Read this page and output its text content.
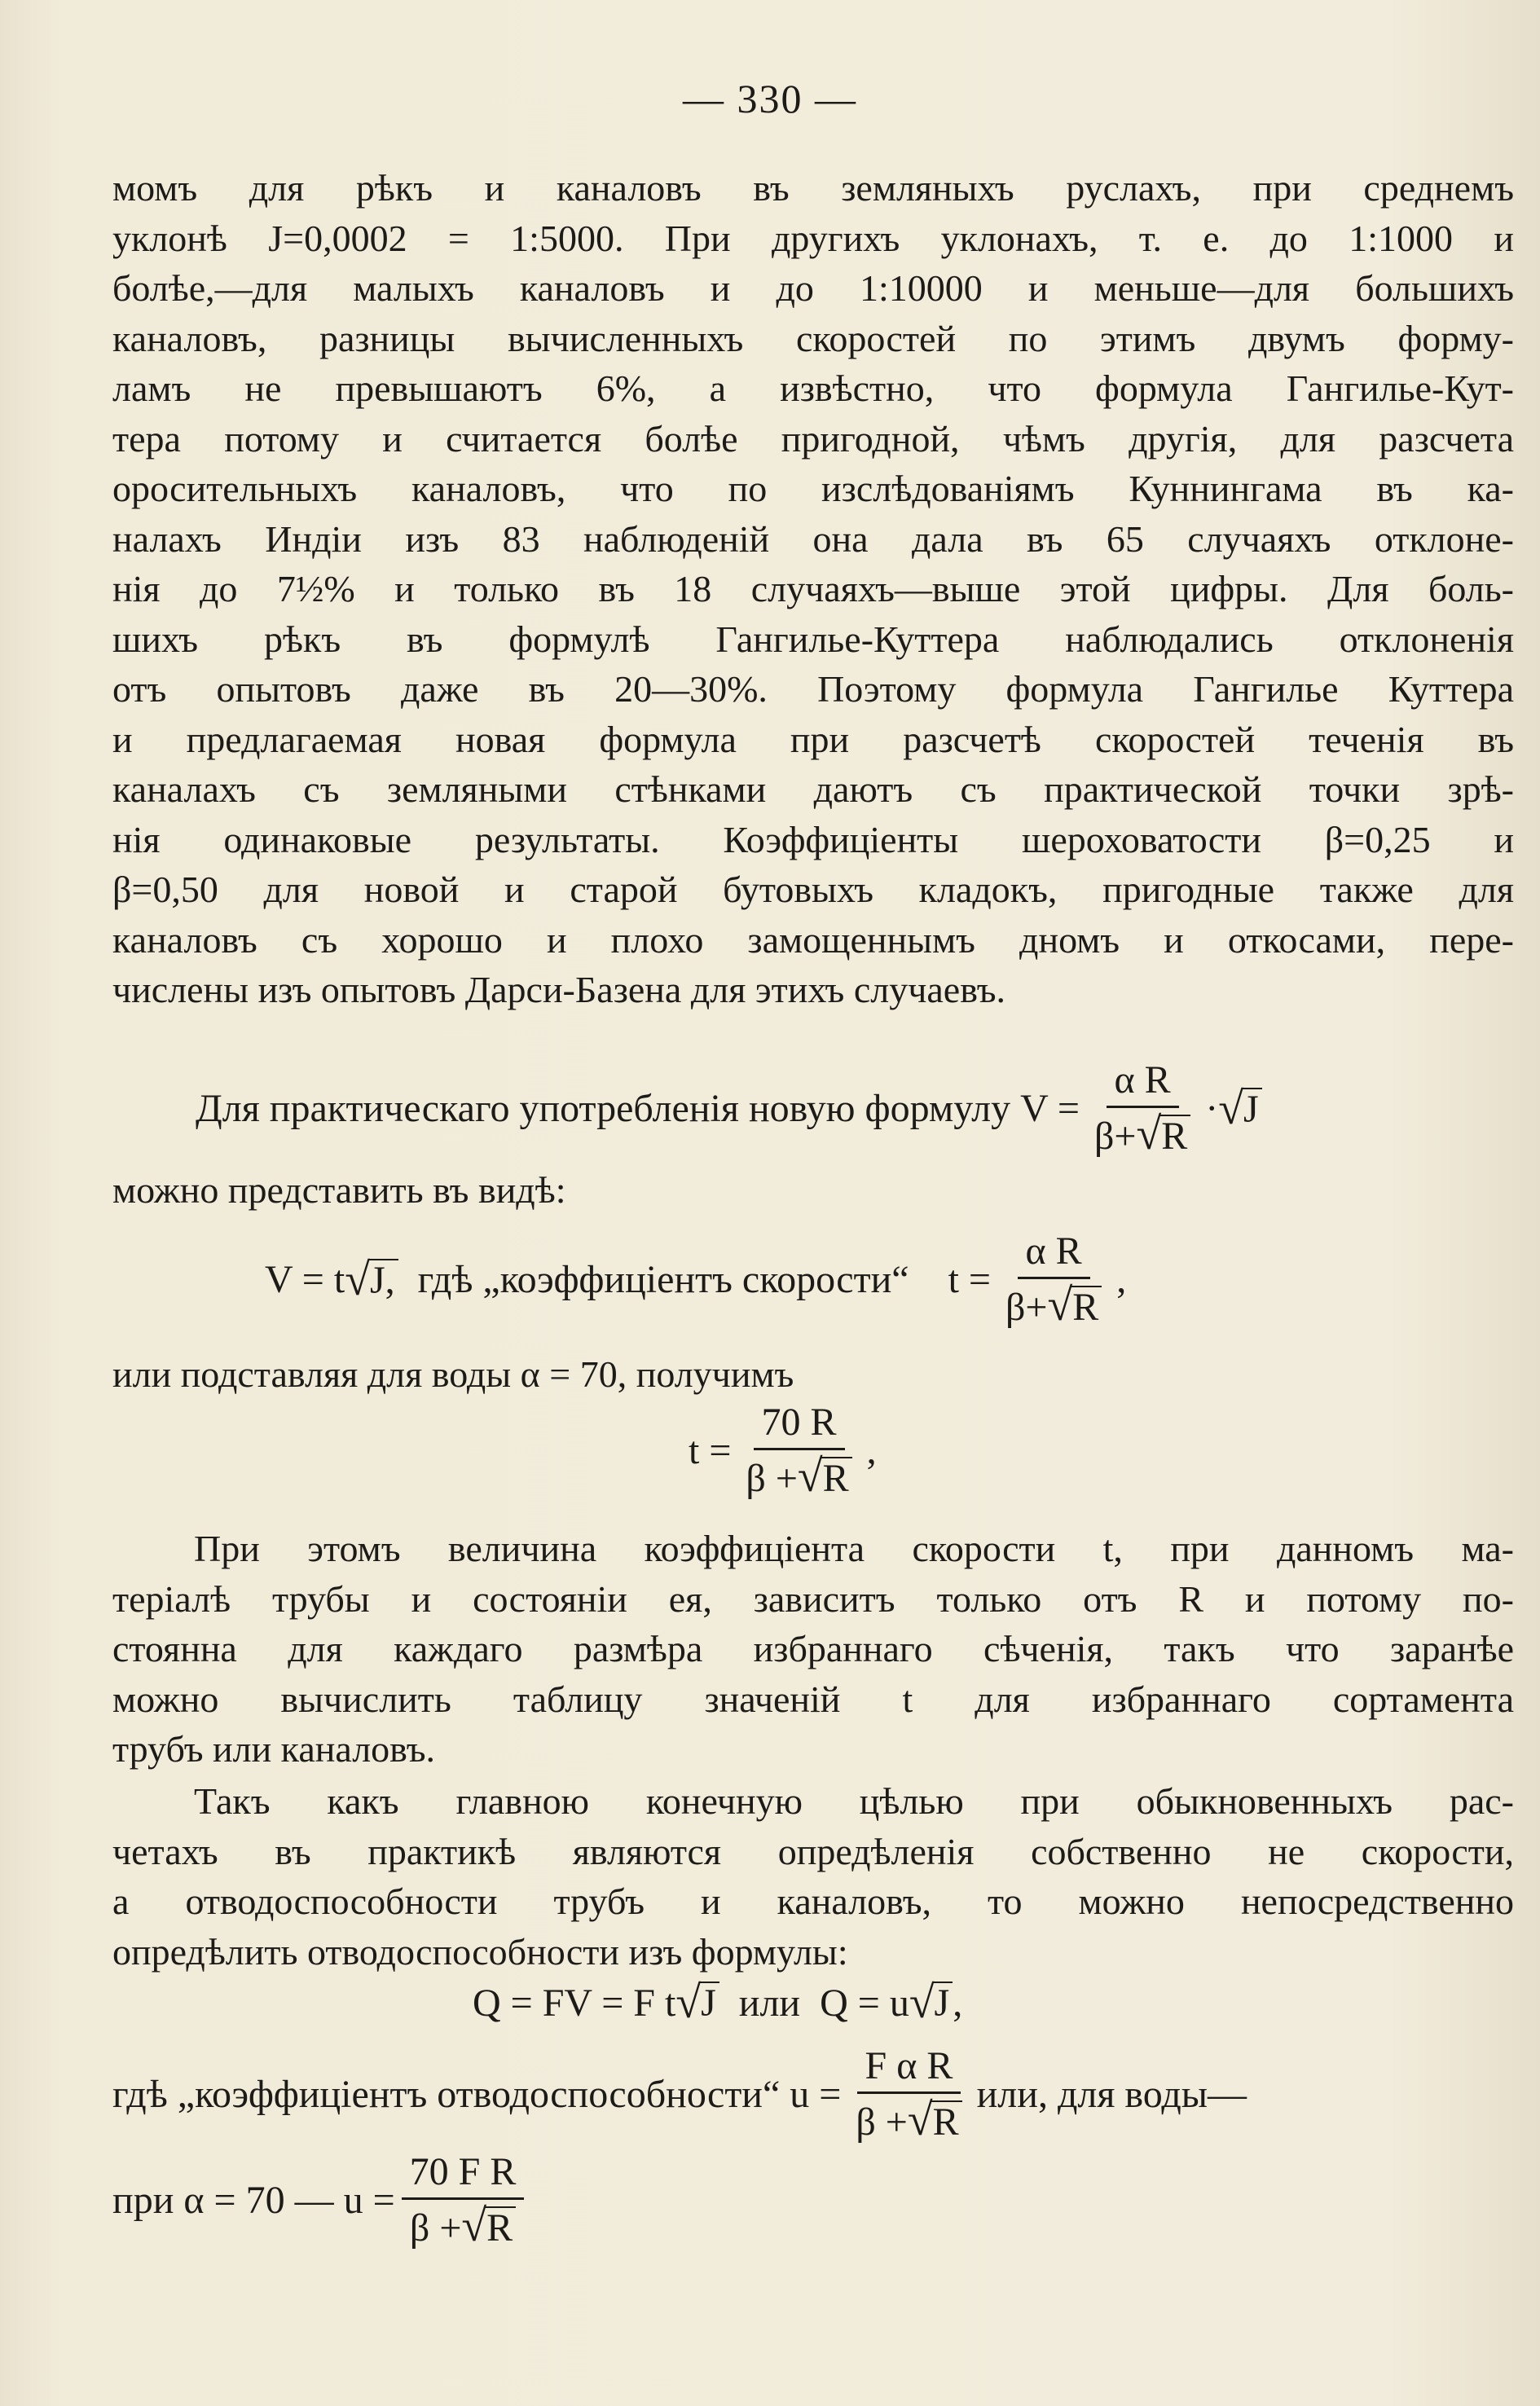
— 330 —
момъ для рѣкъ и каналовъ въ земляныхъ руслахъ, при среднемъ
уклонѣ J=0,0002 = 1:5000. При другихъ уклонахъ, т. е. до 1:1000 и
болѣе,—для малыхъ каналовъ и до 1:10000 и меньше—для большихъ
каналовъ, разницы вычисленныхъ скоростей по этимъ двумъ форму-
ламъ не превышаютъ 6%, а извѣстно, что формула Гангилье-Кут-
тера потому и считается болѣе пригодной, чѣмъ другія, для разсчета
оросительныхъ каналовъ, что по изслѣдованіямъ Куннингама въ ка-
налахъ Индіи изъ 83 наблюденій она дала въ 65 случаяхъ отклоне-
нія до 7½% и только въ 18 случаяхъ—выше этой цифры. Для боль-
шихъ рѣкъ въ формулѣ Гангилье-Куттера наблюдались отклоненія
отъ опытовъ даже въ 20—30%. Поэтому формула Гангилье Куттера
и предлагаемая новая формула при разсчетѣ скоростей теченія въ
каналахъ съ земляными стѣнками даютъ съ практической точки зрѣ-
нія одинаковые результаты. Коэффиціенты шероховатости β=0,25 и
β=0,50 для новой и старой бутовыхъ кладокъ, пригодные также для
каналовъ съ хорошо и плохо замощеннымъ дномъ и откосами, пере-
числены изъ опытовъ Дарси-Базена для этихъ случаевъ.
Для практическаго употребленія новую формулу $V = \frac{\text{α R}}{\beta+√R}$ · √ J
можно представить въ видѣ:
V = t √ J, гдѣ „коэффиціентъ скорости“ $t = \frac{\text{α R}}{\beta+√R}$ ,
или подставляя для воды α = 70, получимъ
$t = \frac{70 R}{\beta +√R}$ ,
При этомъ величина коэффиціента скорости t, при данномъ ма-
теріалѣ трубы и состояніи ея, зависитъ только отъ R и потому по-
стоянна для каждаго размѣра избраннаго сѣченія, такъ что заранѣе
можно вычислить таблицу значеній t для избраннаго сортамента
трубъ или каналовъ.
Такъ какъ главною конечную цѣлью при обыкновенныхъ рас-
четахъ въ практикѣ являются опредѣленія собственно не скорости,
а отводоспособности трубъ и каналовъ, то можно непосредственно
опредѣлить отводоспособности изъ формулы:
Q = FV = F t √ J или Q = u √ J ,
гдѣ „коэффиціентъ отводоспособности“ $u = \frac{\text{F α R}}{\beta +√R}$ или, для воды—
при α = 70 — $u = \frac{\text{70 F R}}{\beta +√R}$
